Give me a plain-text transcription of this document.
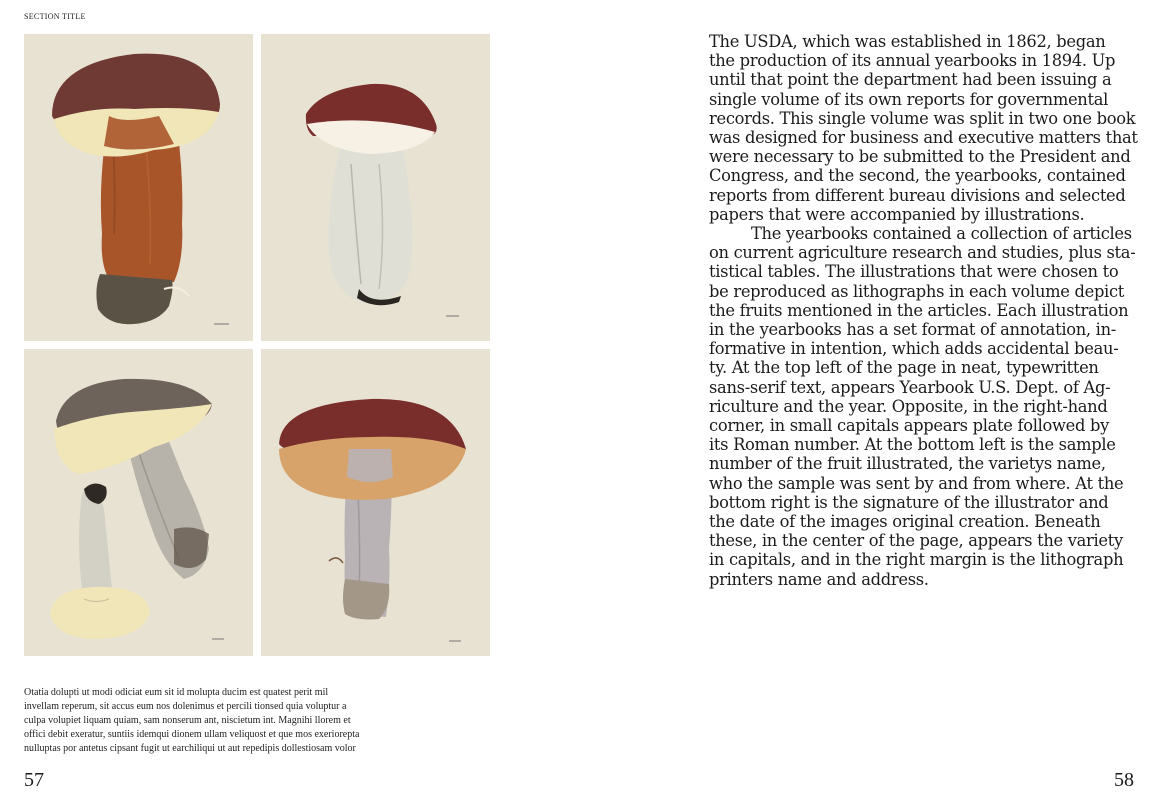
SECTION TITLE
Otatia dolupti ut modi odiciat eum sit id molupta ducim est quatest perit mil
invellam reperum, sit accus eum nos dolenimus et percili tionsed quia voluptur a
culpa volupiet liquam quiam, sam nonserum ant, niscietum int. Magnihi llorem et
offici debit exeratur, suntiis idemqui dionem ullam veliquost et que mos exeriorepta
nulluptas por antetus cipsant fugit ut earchiliqui ut aut repedipis dollestiosam volor
57	58
The USDA, which was established in 1862, began
the production of its annual yearbooks in 1894. Up
until that point the department had been issuing a
single volume of its own reports for governmental
records. This single volume was split in two one book
was designed for business and executive matters that
were necessary to be submitted to the President and
Congress, and the second, the yearbooks, contained
reports from different bureau divisions and selected
papers that were accompanied by illustrations.
The yearbooks contained a collection of articles
on current agriculture research and studies, plus sta-
tistical tables. The illustrations that were chosen to
be reproduced as lithographs in each volume depict
the fruits mentioned in the articles. Each illustration
in the yearbooks has a set format of annotation, in-
formative in intention, which adds accidental beau-
ty. At the top left of the page in neat, typewritten
sans-serif text, appears Yearbook U.S. Dept. of Ag-
riculture and the year. Opposite, in the right-hand
corner, in small capitals appears plate followed by
its Roman number. At the bottom left is the sample
number of the fruit illustrated, the varietys name,
who the sample was sent by and from where. At the
bottom right is the signature of the illustrator and
the date of the images original creation. Beneath
these, in the center of the page, appears the variety
in capitals, and in the right margin is the lithograph
printers name and address.
